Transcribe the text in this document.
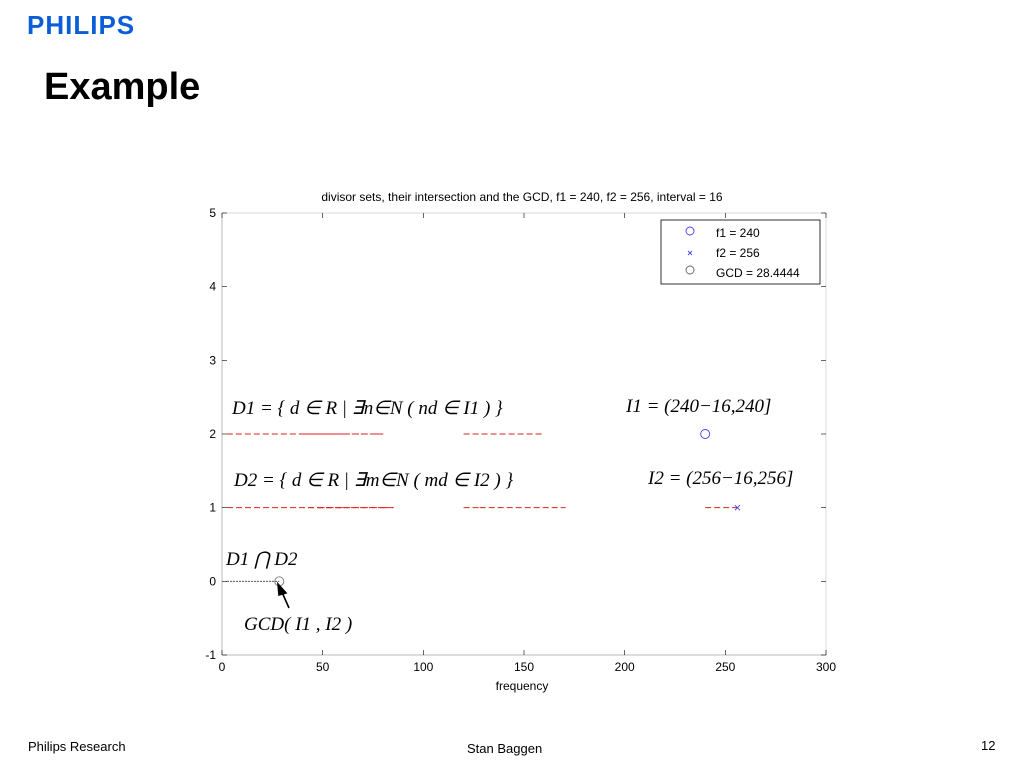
PHILIPS
Example
divisor sets, their intersection and the GCD, f1 = 240, f2 = 256, interval = 16
-1
0
1
2
3
4
5
0	50	100	150	200	250	300
frequency
f1 = 240
f2 = 256
GCD = 28.4444
D1 = { d ∈ R | ∃n∈N ( nd ∈ I1 ) }	I1 = (240−16,240]
D2 = { d ∈ R | ∃m∈N ( md ∈ I2 ) }	I2 = (256−16,256]
D1 ⋂ D2
GCD( I1 , I2 )
Philips Research	Stan Baggen	12
